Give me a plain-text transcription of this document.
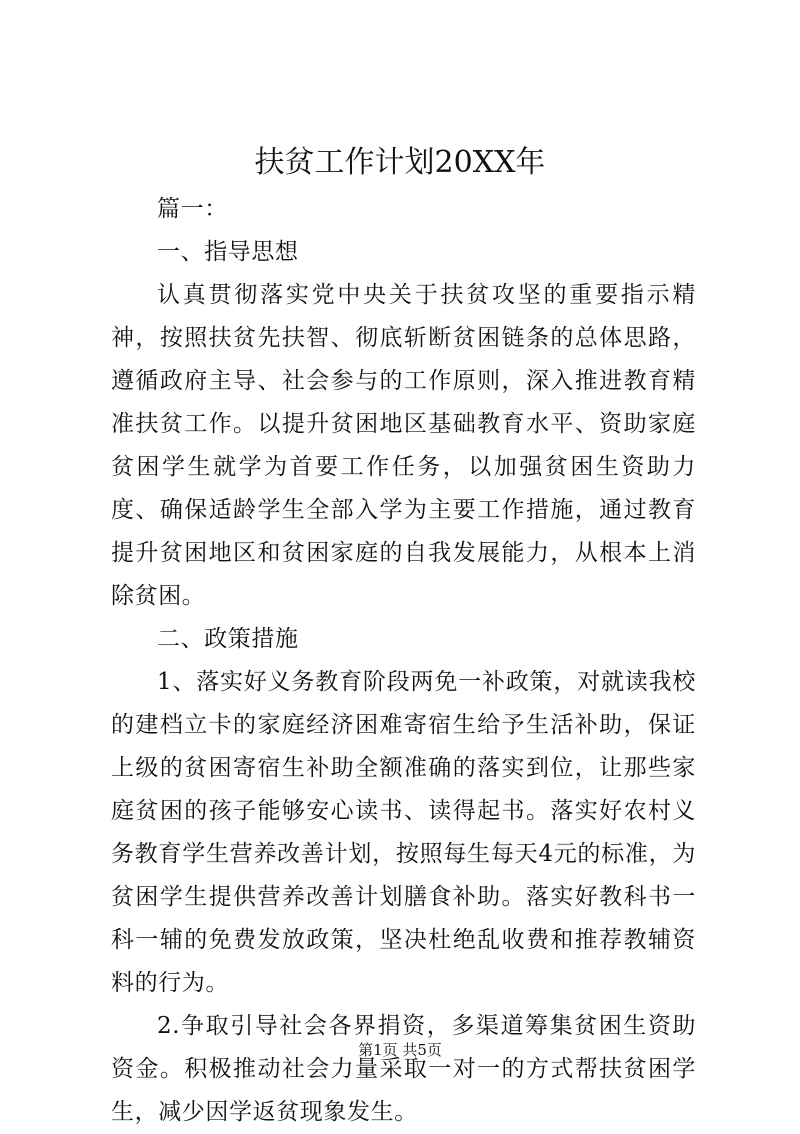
扶贫工作计划20XX年

篇一：

一、指导思想

认真贯彻落实党中央关于扶贫攻坚的重要指示精神，按照扶贫先扶智、彻底斩断贫困链条的总体思路，遵循政府主导、社会参与的工作原则，深入推进教育精准扶贫工作。以提升贫困地区基础教育水平、资助家庭贫困学生就学为首要工作任务，以加强贫困生资助力度、确保适龄学生全部入学为主要工作措施，通过教育提升贫困地区和贫困家庭的自我发展能力，从根本上消除贫困。

二、政策措施

1、落实好义务教育阶段两免一补政策，对就读我校的建档立卡的家庭经济困难寄宿生给予生活补助，保证上级的贫困寄宿生补助全额准确的落实到位，让那些家庭贫困的孩子能够安心读书、读得起书。落实好农村义务教育学生营养改善计划，按照每生每天4元的标准，为贫困学生提供营养改善计划膳食补助。落实好教科书一科一辅的免费发放政策，坚决杜绝乱收费和推荐教辅资料的行为。

2.争取引导社会各界捐资，多渠道筹集贫困生资助资金。积极推动社会力量采取一对一的方式帮扶贫困学生，减少因学返贫现象发生。

第1页 共5页
